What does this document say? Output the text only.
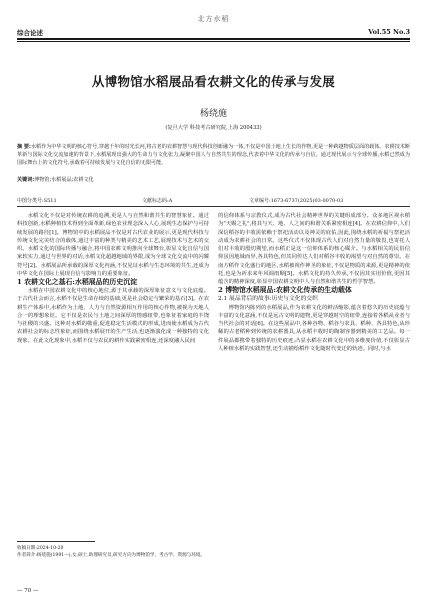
北方水稻
综合论述	Vol.55 No.3
从博物馆水稻展品看农耕文化的传承与发展
杨绕施
(复旦大学 科技考古研究院,上海 200433)
摘 要:水稻作为中华文明的核心符号,穿越千年的时光长河,将古老的农耕智慧与现代科技创新融为一体,不仅是中国土地上生长的作物,更是一种跨越物质层面的载体。农耕技术断革新与国际文化交流加速的背景下,水稻展现出强大的生命力与文化张力,凝聚中国人与自然共生的理念,代表着中华文化的传承与自信。通过现代展示与全球传播,水稻已然成为国际舞台上的文化符号,承载着可持续发展与文化自信的无限可能。
关键词:博物馆;水稻展品;农耕文化
中图分类号:S511	文献标志码:A	文章编号:1673-6737(2025)03-0070-03

水稻文化不仅是对传统农耕的追溯,更是人与自然和谐共生的智慧象征。通过科技创新,水稻种植技术得到全面革新,绿色农业理念深入人心,展现生态保护与可持续发展的路径[1]。博物馆中的水稻展品不仅是对古代农业的展示,更是现代科技与传统文化完美结合的载体,通过丰富的种类与精美的艺术工艺,展现技术与艺术的交织。水稻文化的国际传播与融合,将中国农耕文明推向全球舞台,彰显文化自信与国家软实力,通过与世界的对话,水稻文化超越地域的界限,成为全球文化交流中的闪耀符号[2]。水稻展品所承载的深厚文化内涵,不仅见证水稻与生态环境的共生,还成为中华文化在国际上展现自信与影响力的重要象征。

1 农耕文化之基石:水稻展品的历史沉淀

水稻在中国农耕文化中的核心地位,源于其承载的深厚象征意义与文化底蕴。于古代社会而言,水稻不仅是生命存续的基础,更是社会稳定与繁荣的基石[3]。在农耕生产体系中,水稻作为土地、人力与自然资源相互作用的核心作物,被视为天地人合一的理想象征。它不仅是农民与土地之间深厚的情感纽带,也象征着家庭的丰饶与社稷的兴盛。这种对水稻的敬重,促进稳定生活模式的形成,进而使水稻成为古代农耕社会的标志性象征,而围绕水稻展开的生产生活,也逐渐演化成一种独特的文化现象。在此文化现象中,水稻不仅与农民的耕作实践紧密相连,还深度融入民间

的信仰体系与宗教仪式,成为古代社会精神世界的关键组成部分。众多地区视水稻为"天赐之礼",将其与天、地、人之间的和谐关系紧密相连[4]。在农耕信仰中,人们深信稻谷的丰收需依赖于祭祀活动以及神灵的庇佑,因此,围绕水稻的祈福与祭祀活动成为农耕社会的日常。这些仪式不仅体现古代人们对自然力量的敬畏,也寄托人们对丰收的殷切期望,而水稻正是这一信仰体系的核心媒介。与水稻相关的民俗信仰虽因地域而异,各具特色,但其同传达人们对稻谷丰收的渴望与对自然的尊崇。在南方稻作文化盛行的地区,水稻被视作神圣的象征,不仅是物质的来源,更是精神的依托,也是为祈求来年风调雨顺[5]。水稻文化的持久传承,不仅因其实用价值,更因其蕴含的精神深度,彰显中国农耕文明中人与自然和谐共生的哲学智慧。

2 博物馆水稻展品:农耕文化传承的生动载体

2.1 展品背后的故事:历史与文化的交织

博物馆内陈列的水稻展品,作为农耕文化的鲜活缩影,蕴含着悠久的历史底蕴与丰富的文化意涵,不仅是远古文明的遗物,更是穿越时空的纽带,连接着各稻从业者与当代社会的对话[6]。在这些展品中,各种谷物、稻谷与农具、稻种、各具特色,从珍稀的古老稻种到传统的农耕器具,从水稻丰收时的陶制容器到精美的工艺品。每一件展品都携带着独特的历史痕迹,凸显水稻在农耕文化中的多维度价值,不仅彰显古人种植水稻的实践智慧,还生动描绘稻作文化随时代变迁的轨迹。同时,与水

收稿日期:2024-10-20
作者简介:杨绕施(1991—),女,硕士,助理研究员,研究方向为博物馆学、考古学、资源与环境。
— 70 —
